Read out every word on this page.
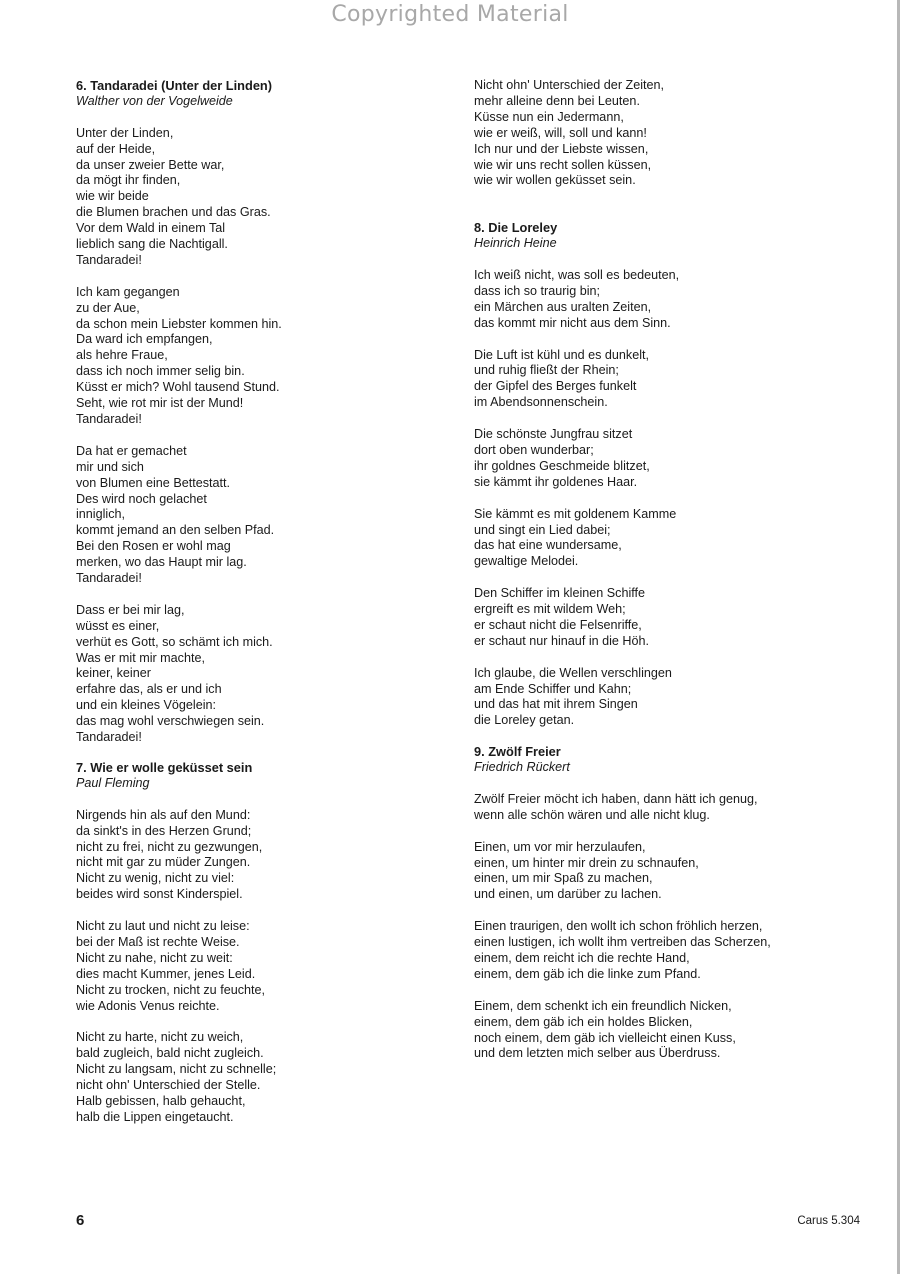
Copyrighted Material
6. Tandaradei (Unter der Linden)
Walther von der Vogelweide
Unter der Linden,
auf der Heide,
da unser zweier Bette war,
da mögt ihr finden,
wie wir beide
die Blumen brachen und das Gras.
Vor dem Wald in einem Tal
lieblich sang die Nachtigall.
Tandaradei!
Ich kam gegangen
zu der Aue,
da schon mein Liebster kommen hin.
Da ward ich empfangen,
als hehre Fraue,
dass ich noch immer selig bin.
Küsst er mich? Wohl tausend Stund.
Seht, wie rot mir ist der Mund!
Tandaradei!
Da hat er gemachet
mir und sich
von Blumen eine Bettestatt.
Des wird noch gelachet
inniglich,
kommt jemand an den selben Pfad.
Bei den Rosen er wohl mag
merken, wo das Haupt mir lag.
Tandaradei!
Dass er bei mir lag,
wüsst es einer,
verhüt es Gott, so schämt ich mich.
Was er mit mir machte,
keiner, keiner
erfahre das, als er und ich
und ein kleines Vögelein:
das mag wohl verschwiegen sein.
Tandaradei!
7. Wie er wolle geküsset sein
Paul Fleming
Nirgends hin als auf den Mund:
da sinkt's in des Herzen Grund;
nicht zu frei, nicht zu gezwungen,
nicht mit gar zu müder Zungen.
Nicht zu wenig, nicht zu viel:
beides wird sonst Kinderspiel.
Nicht zu laut und nicht zu leise:
bei der Maß ist rechte Weise.
Nicht zu nahe, nicht zu weit:
dies macht Kummer, jenes Leid.
Nicht zu trocken, nicht zu feuchte,
wie Adonis Venus reichte.
Nicht zu harte, nicht zu weich,
bald zugleich, bald nicht zugleich.
Nicht zu langsam, nicht zu schnelle;
nicht ohn' Unterschied der Stelle.
Halb gebissen, halb gehaucht,
halb die Lippen eingetaucht.
Nicht ohn' Unterschied der Zeiten,
mehr alleine denn bei Leuten.
Küsse nun ein Jedermann,
wie er weiß, will, soll und kann!
Ich nur und der Liebste wissen,
wie wir uns recht sollen küssen,
wie wir wollen geküsset sein.
8. Die Loreley
Heinrich Heine
Ich weiß nicht, was soll es bedeuten,
dass ich so traurig bin;
ein Märchen aus uralten Zeiten,
das kommt mir nicht aus dem Sinn.
Die Luft ist kühl und es dunkelt,
und ruhig fließt der Rhein;
der Gipfel des Berges funkelt
im Abendsonnenschein.
Die schönste Jungfrau sitzet
dort oben wunderbar;
ihr goldnes Geschmeide blitzet,
sie kämmt ihr goldenes Haar.
Sie kämmt es mit goldenem Kamme
und singt ein Lied dabei;
das hat eine wundersame,
gewaltige Melodei.
Den Schiffer im kleinen Schiffe
ergreift es mit wildem Weh;
er schaut nicht die Felsenriffe,
er schaut nur hinauf in die Höh.
Ich glaube, die Wellen verschlingen
am Ende Schiffer und Kahn;
und das hat mit ihrem Singen
die Loreley getan.
9. Zwölf Freier
Friedrich Rückert
Zwölf Freier möcht ich haben, dann hätt ich genug,
wenn alle schön wären und alle nicht klug.
Einen, um vor mir herzulaufen,
einen, um hinter mir drein zu schnaufen,
einen, um mir Spaß zu machen,
und einen, um darüber zu lachen.
Einen traurigen, den wollt ich schon fröhlich herzen,
einen lustigen, ich wollt ihm vertreiben das Scherzen,
einem, dem reicht ich die rechte Hand,
einem, dem gäb ich die linke zum Pfand.
Einem, dem schenkt ich ein freundlich Nicken,
einem, dem gäb ich ein holdes Blicken,
noch einem, dem gäb ich vielleicht einen Kuss,
und dem letzten mich selber aus Überdruss.
6	Carus 5.304
